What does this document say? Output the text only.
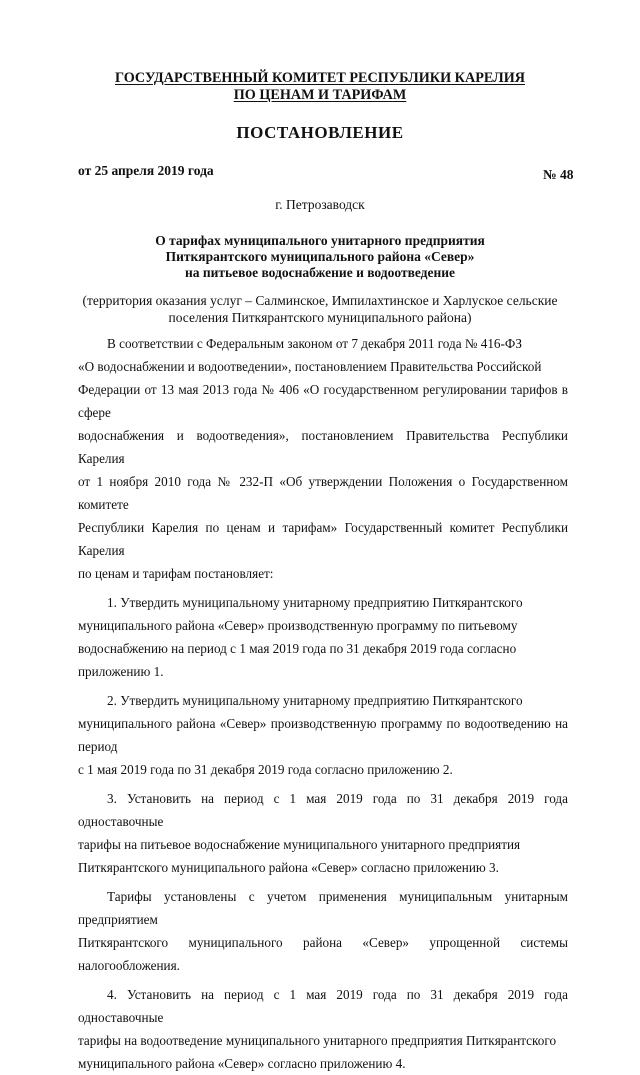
ГОСУДАРСТВЕННЫЙ КОМИТЕТ РЕСПУБЛИКИ КАРЕЛИЯ

ПО ЦЕНАМ И ТАРИФАМ

ПОСТАНОВЛЕНИЕ

от 25 апреля 2019 года	№ 48

г. Петрозаводск

О тарифах муниципального унитарного предприятия

Питкярантского муниципального района «Север»

на питьевое водоснабжение и водоотведение

(территория оказания услуг – Салминское, Импилахтинское и Харлуское сельские

поселения Питкярантского муниципального района)

В соответствии с Федеральным законом от 7 декабря 2011 года № 416-ФЗ
«О водоснабжении и водоотведении», постановлением Правительства Российской
Федерации от 13 мая 2013 года № 406 «О государственном регулировании тарифов в сфере
водоснабжения и водоотведения», постановлением Правительства Республики Карелия
от 1 ноября 2010 года № 232-П «Об утверждении Положения о Государственном комитете
Республики Карелия по ценам и тарифам» Государственный комитет Республики Карелия
по ценам и тарифам постановляет:

1. Утвердить муниципальному унитарному предприятию Питкярантского
муниципального района «Север» производственную программу по питьевому
водоснабжению на период с 1 мая 2019 года по 31 декабря 2019 года согласно
приложению 1.

2. Утвердить муниципальному унитарному предприятию Питкярантского
муниципального района «Север» производственную программу по водоотведению на период
с 1 мая 2019 года по 31 декабря 2019 года согласно приложению 2.

3. Установить на период с 1 мая 2019 года по 31 декабря 2019 года одноставочные
тарифы на питьевое водоснабжение муниципального унитарного предприятия
Питкярантского муниципального района «Север» согласно приложению 3.

Тарифы установлены с учетом применения муниципальным унитарным предприятием
Питкярантского муниципального района «Север» упрощенной системы налогообложения.

4. Установить на период с 1 мая 2019 года по 31 декабря 2019 года одноставочные
тарифы на водоотведение муниципального унитарного предприятия Питкярантского
муниципального района «Север» согласно приложению 4.
